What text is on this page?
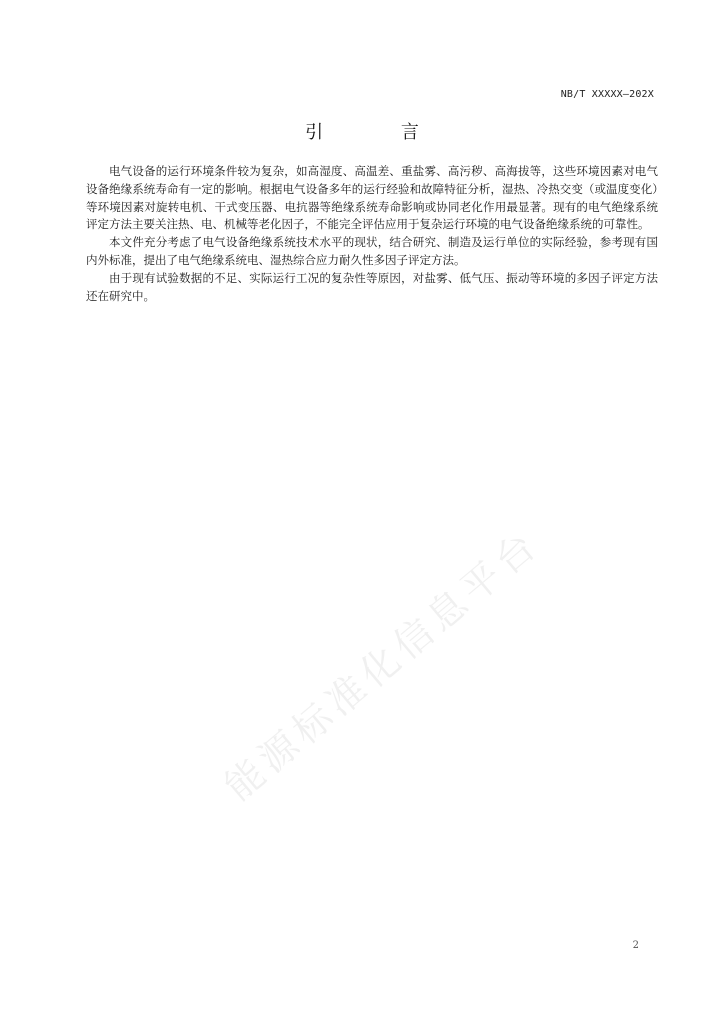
NB/T XXXXX—202X
引 言

电气设备的运行环境条件较为复杂，如高湿度、高温差、重盐雾、高污秽、高海拔等，这些环境因素对电气设备绝缘系统寿命有一定的影响。根据电气设备多年的运行经验和故障特征分析，湿热、冷热交变（或温度变化）等环境因素对旋转电机、干式变压器、电抗器等绝缘系统寿命影响或协同老化作用最显著。现有的电气绝缘系统评定方法主要关注热、电、机械等老化因子，不能完全评估应用于复杂运行环境的电气设备绝缘系统的可靠性。

本文件充分考虑了电气设备绝缘系统技术水平的现状，结合研究、制造及运行单位的实际经验，参考现有国内外标准，提出了电气绝缘系统电、湿热综合应力耐久性多因子评定方法。

由于现有试验数据的不足、实际运行工况的复杂性等原因，对盐雾、低气压、振动等环境的多因子评定方法还在研究中。

能源标准化信息平台
2
